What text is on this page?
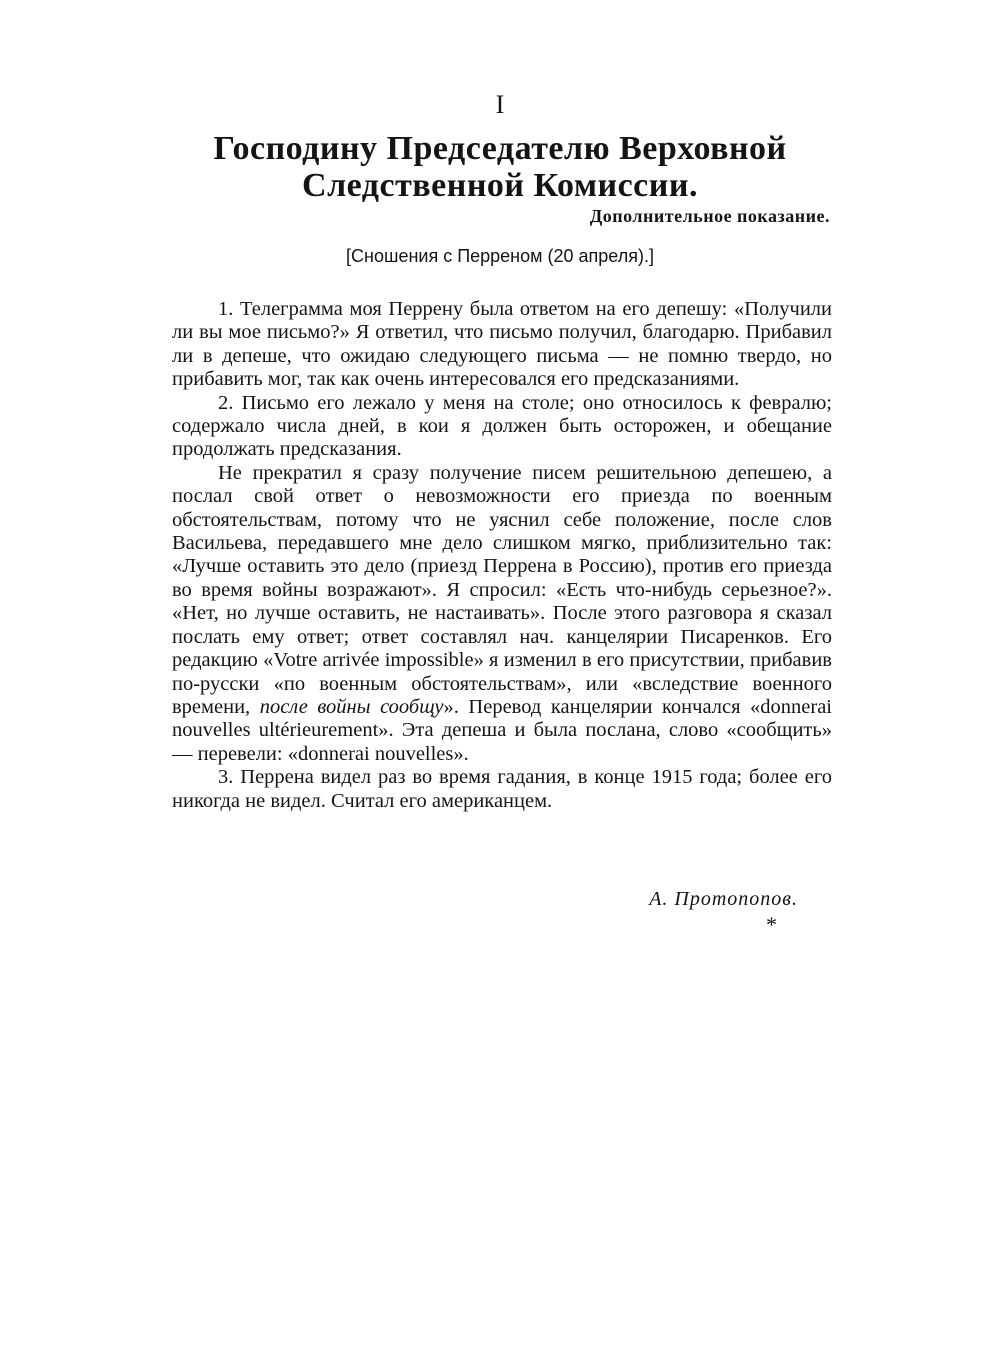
I
Господину Председателю Верховной
Следственной Комиссии.
Дополнительное показание.
[Сношения с Перреном (20 апреля).]

1. Телеграмма моя Перрену была ответом на его депешу: «Получили ли вы мое письмо?» Я ответил, что письмо получил, благодарю. Прибавил ли в депеше, что ожидаю следующего письма — не помню твердо, но прибавить мог, так как очень интересовался его предсказаниями.

2. Письмо его лежало у меня на столе; оно относилось к февралю; содержало числа дней, в кои я должен быть осторожен, и обещание продолжать предсказания.

Не прекратил я сразу получение писем решительною депешею, а послал свой ответ о невозможности его приезда по военным обстоятельствам, потому что не уяснил себе положение, после слов Васильева, передавшего мне дело слишком мягко, приблизительно так: «Лучше оставить это дело (приезд Перрена в Россию), против его приезда во время войны возражают». Я спросил: «Есть что-нибудь серьезное?». «Нет, но лучше оставить, не настаивать». После этого разговора я сказал послать ему ответ; ответ составлял нач. канцелярии Писаренков. Его редакцию «Votre arrivée impossible» я изменил в его присутствии, прибавив по-русски «по военным обстоятельствам», или «вследствие военного времени, после войны сообщу». Перевод канцелярии кончался «donnerai nouvelles ultérieurement». Эта депеша и была послана, слово «сообщить» — перевели: «donnerai nouvelles».

3. Перрена видел раз во время гадания, в конце 1915 года; более его никогда не видел. Считал его американцем.

А. Протопопов.
*
